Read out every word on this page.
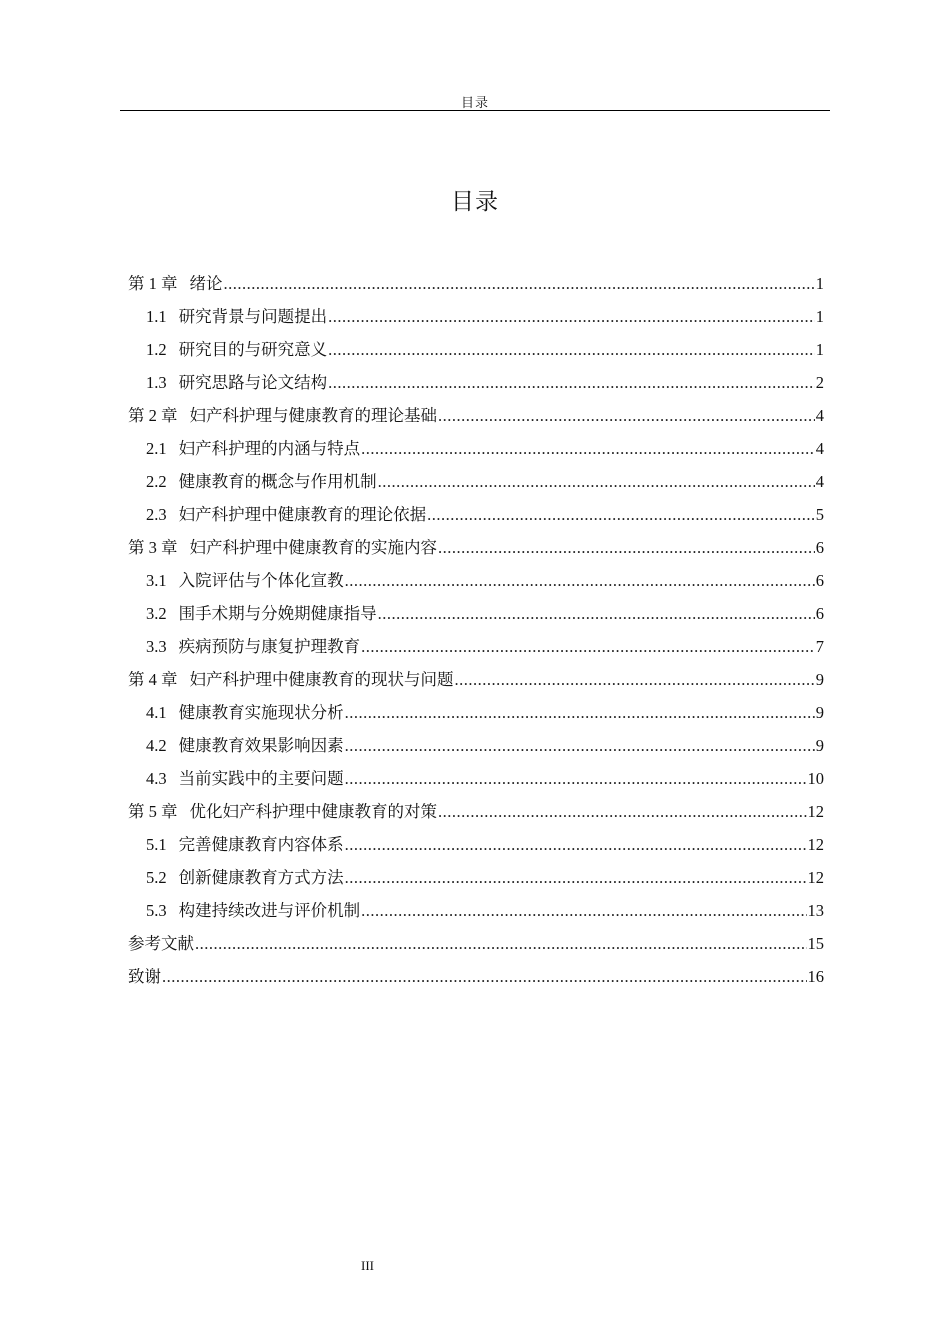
目录
目录
第 1 章 绪论 .....	1
1.1 研究背景与问题提出 .....	1
1.2 研究目的与研究意义 .....	1
1.3 研究思路与论文结构 .....	2
第 2 章 妇产科护理与健康教育的理论基础 .....	4
2.1 妇产科护理的内涵与特点 .....	4
2.2 健康教育的概念与作用机制 .....	4
2.3 妇产科护理中健康教育的理论依据 .....	5
第 3 章 妇产科护理中健康教育的实施内容 .....	6
3.1 入院评估与个体化宣教 .....	6
3.2 围手术期与分娩期健康指导 .....	6
3.3 疾病预防与康复护理教育 .....	7
第 4 章 妇产科护理中健康教育的现状与问题 .....	9
4.1 健康教育实施现状分析 .....	9
4.2 健康教育效果影响因素 .....	9
4.3 当前实践中的主要问题 .....	10
第 5 章 优化妇产科护理中健康教育的对策 .....	12
5.1 完善健康教育内容体系 .....	12
5.2 创新健康教育方式方法 .....	12
5.3 构建持续改进与评价机制 .....	13
参考文献 .....	15
致谢 .....	16
III
